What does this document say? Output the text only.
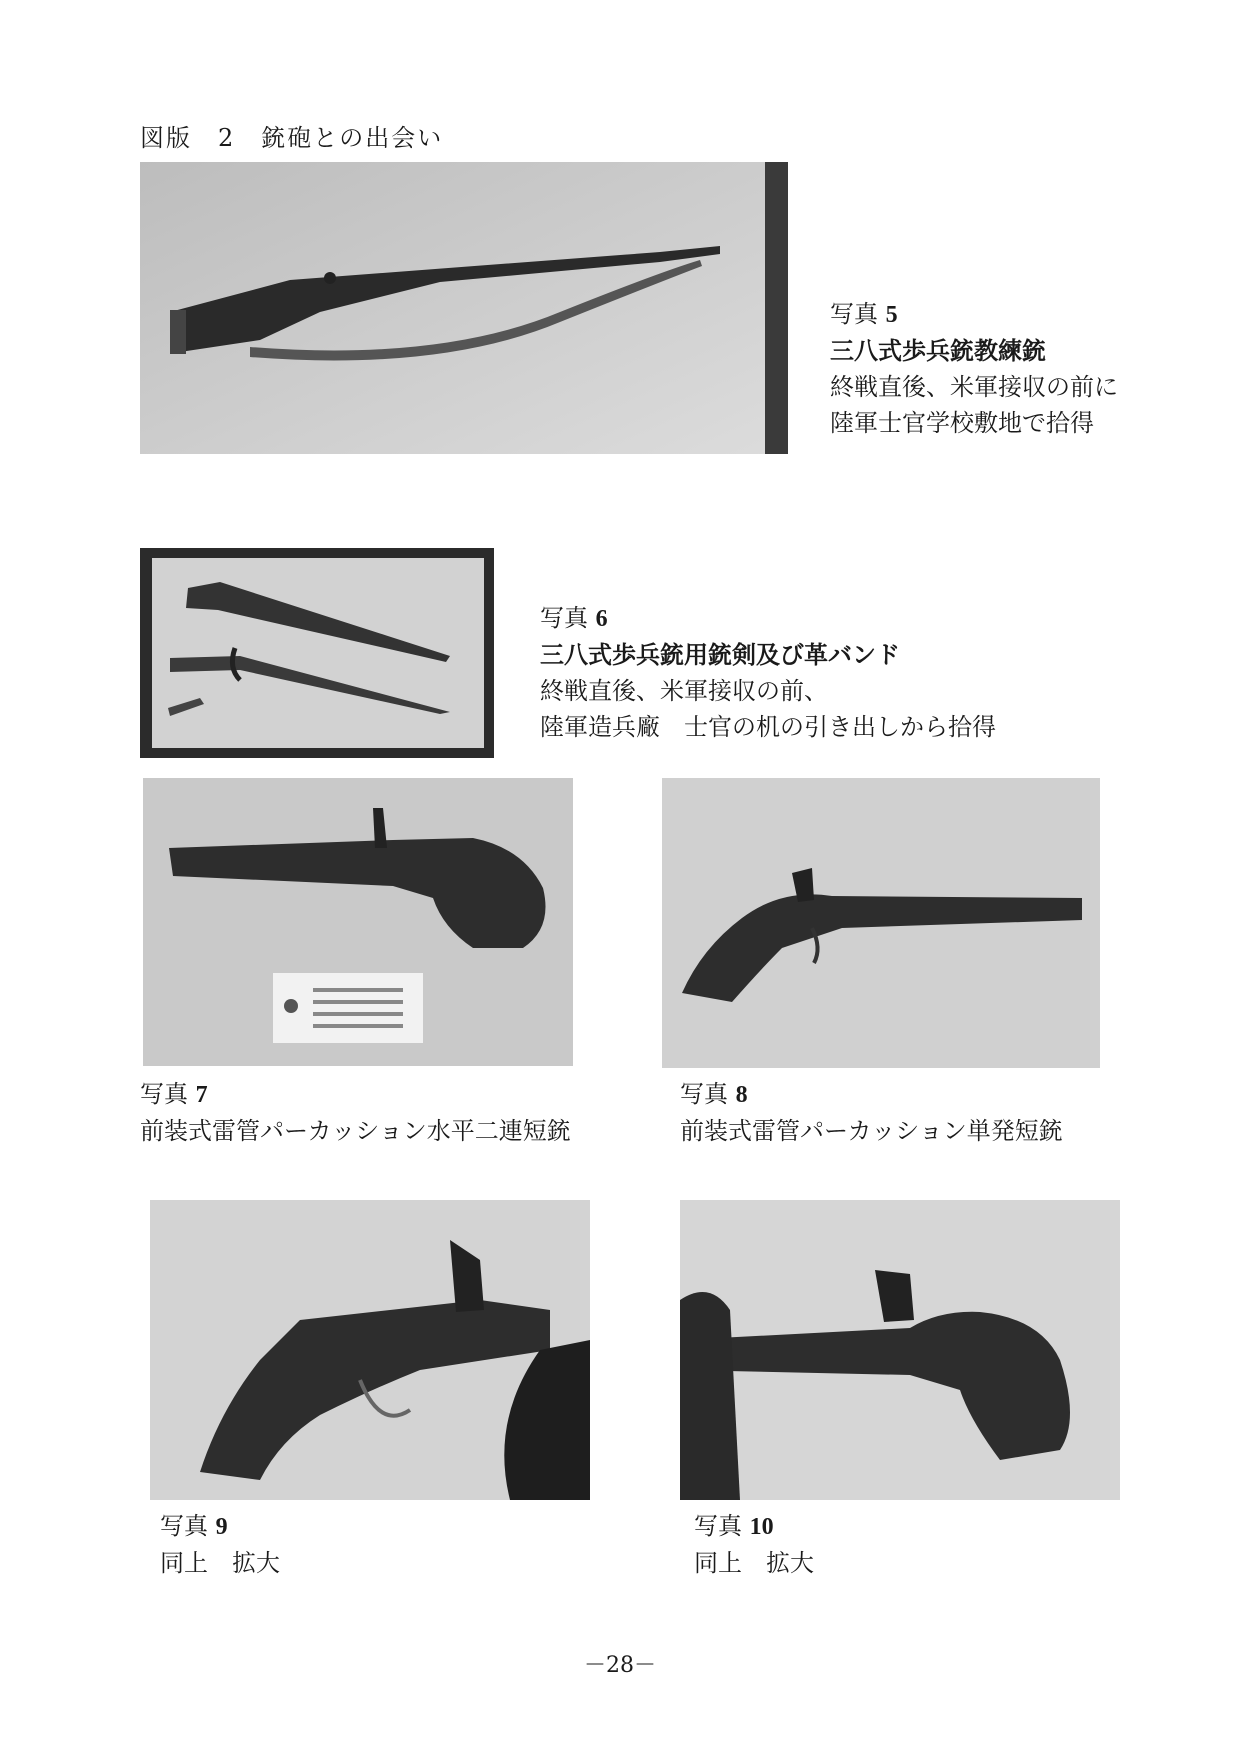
図版　2　銃砲との出会い
写真 5
三八式歩兵銃教練銃
終戦直後、米軍接収の前に
陸軍士官学校敷地で拾得
写真 6
三八式歩兵銃用銃剣及び革バンド
終戦直後、米軍接収の前、
陸軍造兵廠　士官の机の引き出しから拾得
写真 7
前装式雷管パーカッション水平二連短銃
写真 8
前装式雷管パーカッション単発短銃
写真 9
同上　拡大
写真 10
同上　拡大
－28－
